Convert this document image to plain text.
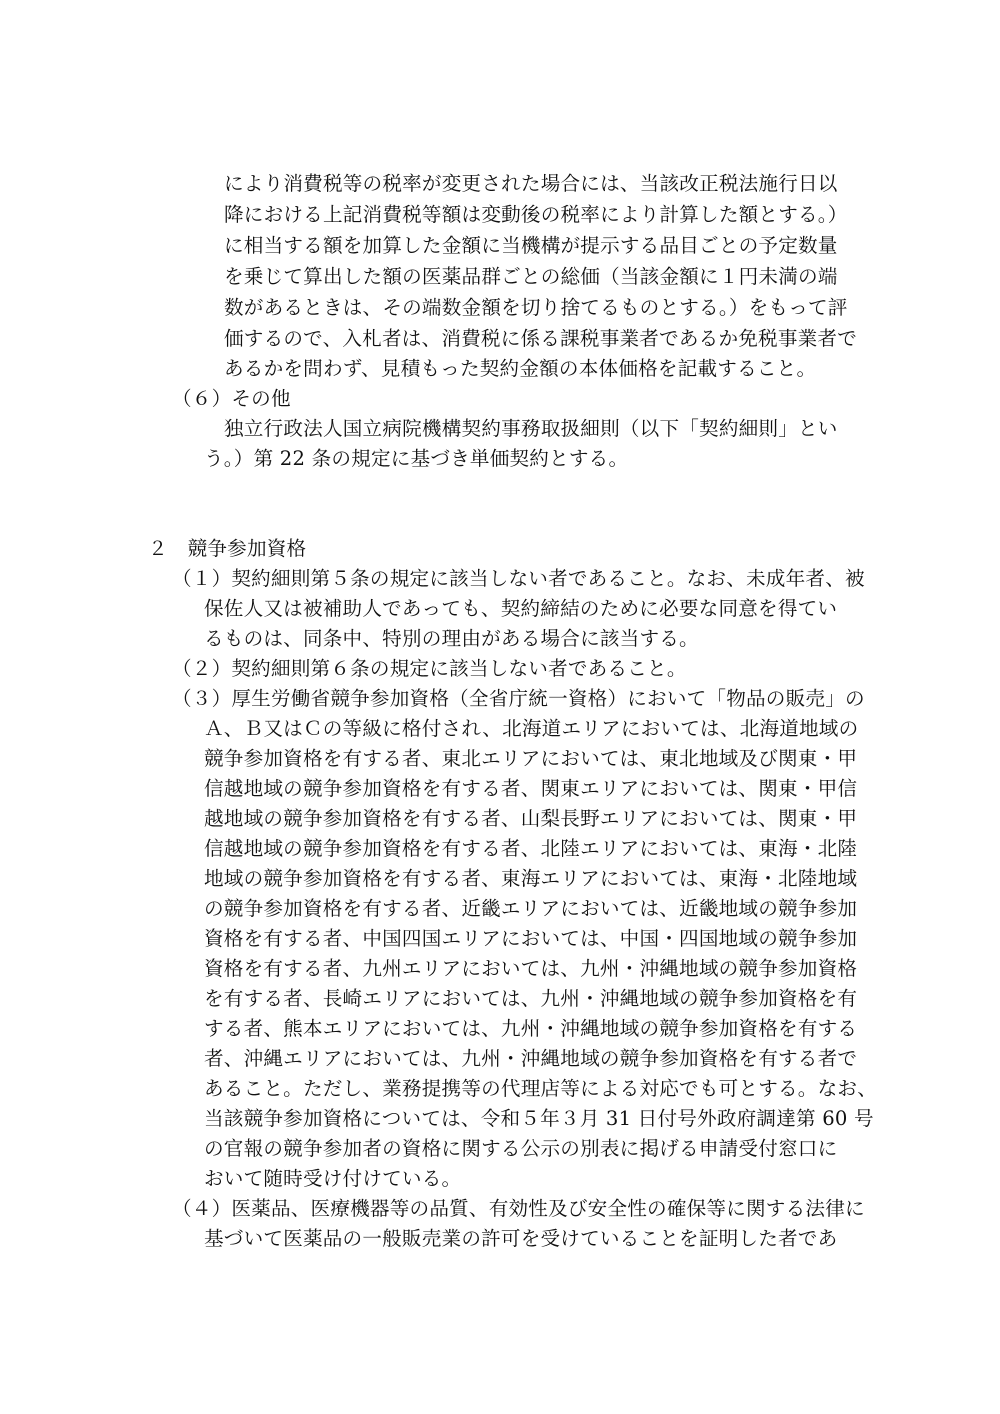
により消費税等の税率が変更された場合には、当該改正税法施行日以
降における上記消費税等額は変動後の税率により計算した額とする。）
に相当する額を加算した金額に当機構が提示する品目ごとの予定数量
を乗じて算出した額の医薬品群ごとの総価（当該金額に１円未満の端
数があるときは、その端数金額を切り捨てるものとする。）をもって評
価するので、入札者は、消費税に係る課税事業者であるか免税事業者で
あるかを問わず、見積もった契約金額の本体価格を記載すること。
（６）その他
独立行政法人国立病院機構契約事務取扱細則（以下「契約細則」とい
う。）第 22 条の規定に基づき単価契約とする。
２　競争参加資格
（１）契約細則第５条の規定に該当しない者であること。なお、未成年者、被
保佐人又は被補助人であっても、契約締結のために必要な同意を得てい
るものは、同条中、特別の理由がある場合に該当する。
（２）契約細則第６条の規定に該当しない者であること。
（３）厚生労働省競争参加資格（全省庁統一資格）において「物品の販売」の
Ａ、Ｂ又はＣの等級に格付され、北海道エリアにおいては、北海道地域の
競争参加資格を有する者、東北エリアにおいては、東北地域及び関東・甲
信越地域の競争参加資格を有する者、関東エリアにおいては、関東・甲信
越地域の競争参加資格を有する者、山梨長野エリアにおいては、関東・甲
信越地域の競争参加資格を有する者、北陸エリアにおいては、東海・北陸
地域の競争参加資格を有する者、東海エリアにおいては、東海・北陸地域
の競争参加資格を有する者、近畿エリアにおいては、近畿地域の競争参加
資格を有する者、中国四国エリアにおいては、中国・四国地域の競争参加
資格を有する者、九州エリアにおいては、九州・沖縄地域の競争参加資格
を有する者、長崎エリアにおいては、九州・沖縄地域の競争参加資格を有
する者、熊本エリアにおいては、九州・沖縄地域の競争参加資格を有する
者、沖縄エリアにおいては、九州・沖縄地域の競争参加資格を有する者で
あること。ただし、業務提携等の代理店等による対応でも可とする。なお、
当該競争参加資格については、令和５年３月 31 日付号外政府調達第 60 号
の官報の競争参加者の資格に関する公示の別表に掲げる申請受付窓口に
おいて随時受け付けている。
（４）医薬品、医療機器等の品質、有効性及び安全性の確保等に関する法律に
基づいて医薬品の一般販売業の許可を受けていることを証明した者であ
